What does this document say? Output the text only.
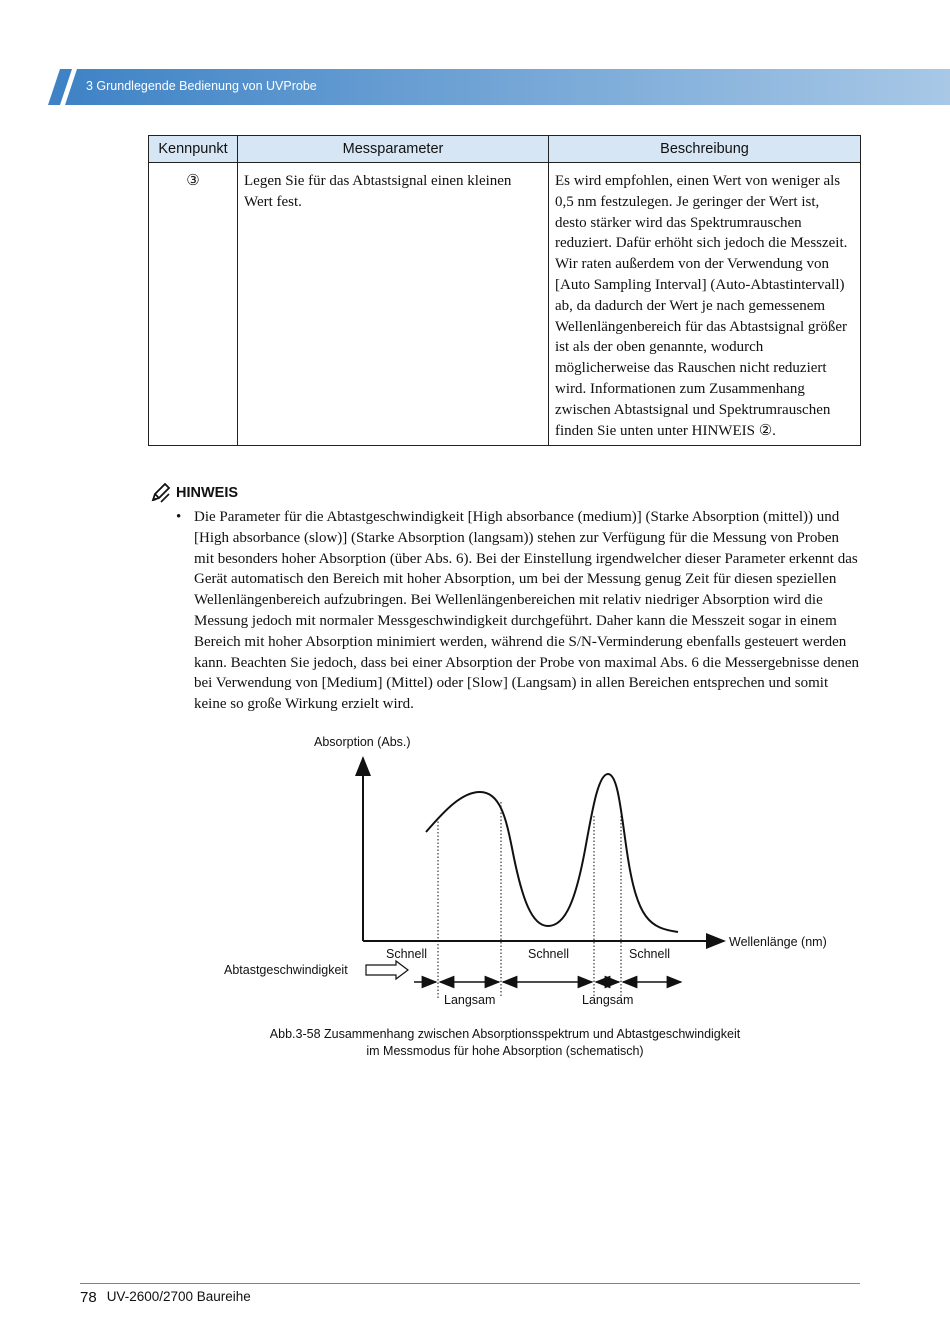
3 Grundlegende Bedienung von UVProbe
Kennpunkt	Messparameter	Beschreibung
③	Legen Sie für das Abtastsignal einen kleinen Wert fest.	Es wird empfohlen, einen Wert von weniger als 0,5 nm festzulegen. Je geringer der Wert ist, desto stärker wird das Spektrumrauschen reduziert. Dafür erhöht sich jedoch die Messzeit. Wir raten außerdem von der Verwendung von [Auto Sampling Interval] (Auto-Abtastintervall) ab, da dadurch der Wert je nach gemessenem Wellenlängenbereich für das Abtastsignal größer ist als der oben genannte, wodurch möglicherweise das Rauschen nicht reduziert wird. Informationen zum Zusammenhang zwischen Abtastsignal und Spektrumrauschen finden Sie unten unter HINWEIS ②.
HINWEIS
• Die Parameter für die Abtastgeschwindigkeit [High absorbance (medium)] (Starke Absorption (mittel)) und [High absorbance (slow)] (Starke Absorption (langsam)) stehen zur Verfügung für die Messung von Proben mit besonders hoher Absorption (über Abs. 6). Bei der Einstellung irgendwelcher dieser Parameter erkennt das Gerät automatisch den Bereich mit hoher Absorption, um bei der Messung genug Zeit für diesen speziellen Wellenlängenbereich aufzubringen. Bei Wellenlängenbereichen mit relativ niedriger Absorption wird die Messung jedoch mit normaler Messgeschwindigkeit durchgeführt. Daher kann die Messzeit sogar in einem Bereich mit hoher Absorption minimiert werden, während die S/N-Verminderung ebenfalls gesteuert werden kann. Beachten Sie jedoch, dass bei einer Absorption der Probe von maximal Abs. 6 die Messergebnisse denen bei Verwendung von [Medium] (Mittel) oder [Slow] (Langsam) in allen Bereichen entsprechen und somit keine so große Wirkung erzielt wird.
Absorption (Abs.)
Wellenlänge (nm)
Schnell	Schnell	Schnell
Abtastgeschwindigkeit
Langsam	Langsam
Abb.3-58 Zusammenhang zwischen Absorptionsspektrum und Abtastgeschwindigkeit
im Messmodus für hohe Absorption (schematisch)
78 UV-2600/2700 Baureihe
